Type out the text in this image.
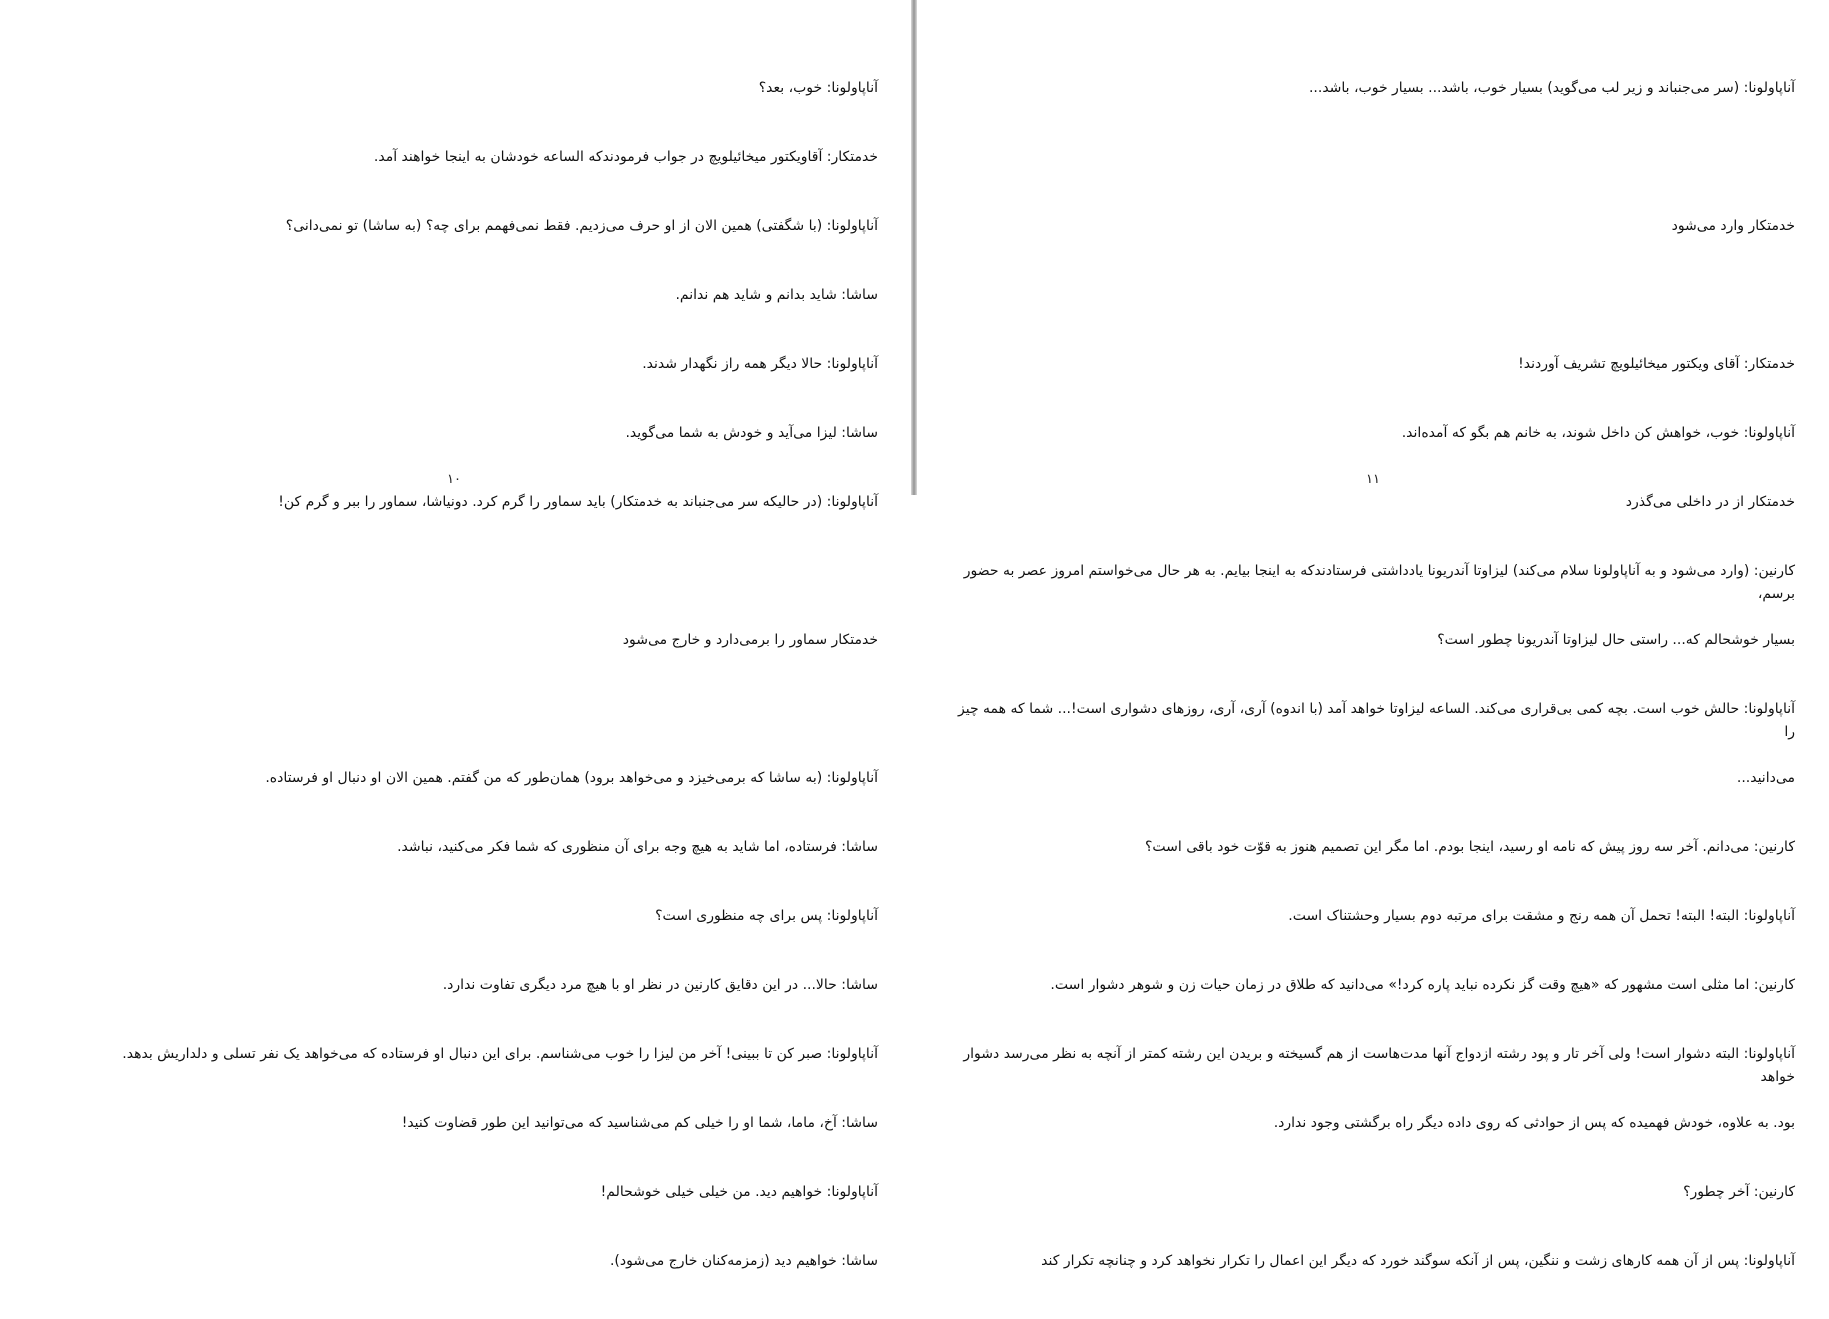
آناپاولونا: خوب، بعد؟

خدمتکار: آقاویکتور میخائیلویچ در جواب فرمودندکه الساعه خودشان به اینجا خواهند آمد.

آناپاولونا: (با شگفتی) همین الان از او حرف می‌زدیم. فقط نمی‌فهمم برای چه؟ (به ساشا) تو نمی‌دانی؟

ساشا: شاید بدانم و شاید هم ندانم.

آناپاولونا: حالا دیگر همه راز نگهدار شدند.

ساشا: لیزا می‌آید و خودش به شما می‌گوید.

آناپاولونا: (در حالیکه سر می‌جنباند به خدمتکار) باید سماور را گرم کرد. دونیاشا، سماور را ببر و گرم کن!

خدمتکار سماور را برمی‌دارد و خارج می‌شود

آناپاولونا: (به ساشا که برمی‌خیزد و می‌خواهد برود) همان‌طور که من گفتم. همین الان او دنبال او فرستاده.

ساشا: فرستاده، اما شاید به هیچ وجه برای آن منظوری که شما فکر می‌کنید، نباشد.

آناپاولونا: پس برای چه منظوری است؟

ساشا: حالا... در این دقایق کارنین در نظر او با هیچ مرد دیگری تفاوت ندارد.

آناپاولونا: صبر کن تا ببینی! آخر من لیزا را خوب می‌شناسم. برای این دنبال او فرستاده که می‌خواهد یک نفر تسلی و دلداریش بدهد.

ساشا: آخ، ماما، شما او را خیلی کم می‌شناسید که می‌توانید این طور قضاوت کنید!

آناپاولونا: خواهیم دید. من خیلی خیلی خوشحالم!

ساشا: خواهیم دید (زمزمه‌کنان خارج می‌شود).

۱۰

آناپاولونا: (سر می‌جنباند و زیر لب می‌گوید) بسیار خوب، باشد... بسیار خوب، باشد...

خدمتکار وارد می‌شود

خدمتکار: آقای ویکتور میخائیلویچ تشریف آوردند!

آناپاولونا: خوب، خواهش کن داخل شوند، به خانم هم بگو که آمده‌اند.

خدمتکار از در داخلی می‌گذرد

کارنین: (وارد می‌شود و به آناپاولونا سلام می‌کند) لیزاوتا آندریونا یادداشتی فرستادندکه به اینجا بیایم. به هر حال می‌خواستم امروز عصر به حضور برسم،

بسیار خوشحالم که... راستی حال لیزاوتا آندریونا چطور است؟

آناپاولونا: حالش خوب است. بچه کمی بی‌قراری می‌کند. الساعه لیزاوتا خواهد آمد (با اندوه) آری، آری، روزهای دشواری است!... شما که همه چیز را

می‌دانید...

کارنین: می‌دانم. آخر سه روز پیش که نامه او رسید، اینجا بودم. اما مگر این تصمیم هنوز به قوّت خود باقی است؟

آناپاولونا: البته! البته! تحمل آن همه رنج و مشقت برای مرتبه دوم بسیار وحشتناک است.

کارنین: اما مثلی است مشهور که «هیچ وقت گز نکرده نباید پاره کرد!» می‌دانید که طلاق در زمان حیات زن و شوهر دشوار است.

آناپاولونا: البته دشوار است! ولی آخر تار و پود رشته ازدواج آنها مدت‌هاست از هم گسیخته و بریدن این رشته کمتر از آنچه به نظر می‌رسد دشوار خواهد

بود. به علاوه، خودش فهمیده که پس از حوادثی که روی داده دیگر راه برگشتی وجود ندارد.

کارنین: آخر چطور؟

آناپاولونا: پس از آن همه کارهای زشت و ننگین، پس از آنکه سوگند خورد که دیگر این اعمال را تکرار نخواهد کرد و چنانچه تکرار کند

۱۱
